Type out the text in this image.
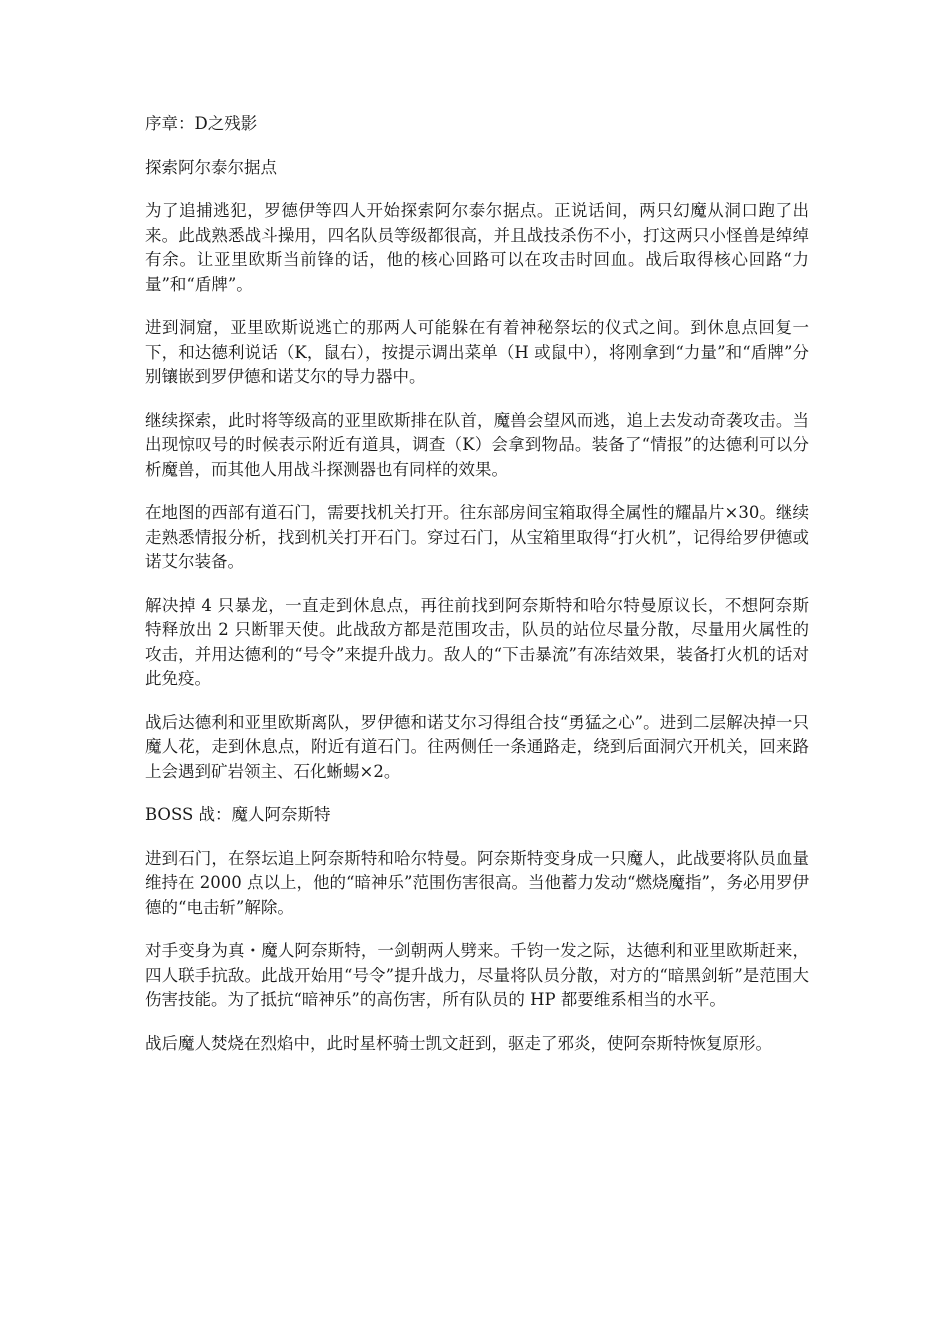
序章：D之残影

探索阿尔泰尔据点

为了追捕逃犯，罗德伊等四人开始探索阿尔泰尔据点。正说话间，两只幻魔从洞口跑了出来。此战熟悉战斗操用，四名队员等级都很高，并且战技杀伤不小，打这两只小怪兽是绰绰有余。让亚里欧斯当前锋的话，他的核心回路可以在攻击时回血。战后取得核心回路“力量”和“盾牌”。

进到洞窟，亚里欧斯说逃亡的那两人可能躲在有着神秘祭坛的仪式之间。到休息点回复一下，和达德利说话（K，鼠右），按提示调出菜单（H 或鼠中），将刚拿到“力量”和“盾牌”分别镶嵌到罗伊德和诺艾尔的导力器中。

继续探索，此时将等级高的亚里欧斯排在队首，魔兽会望风而逃，追上去发动奇袭攻击。当出现惊叹号的时候表示附近有道具，调查（K）会拿到物品。装备了“情报”的达德利可以分析魔兽，而其他人用战斗探测器也有同样的效果。

在地图的西部有道石门，需要找机关打开。往东部房间宝箱取得全属性的耀晶片×30。继续走熟悉情报分析，找到机关打开石门。穿过石门，从宝箱里取得“打火机”，记得给罗伊德或诺艾尔装备。

解决掉 4 只暴龙，一直走到休息点，再往前找到阿奈斯特和哈尔特曼原议长，不想阿奈斯特释放出 2 只断罪天使。此战敌方都是范围攻击，队员的站位尽量分散，尽量用火属性的攻击，并用达德利的“号令”来提升战力。敌人的“下击暴流”有冻结效果，装备打火机的话对此免疫。

战后达德利和亚里欧斯离队，罗伊德和诺艾尔习得组合技“勇猛之心”。进到二层解决掉一只魔人花，走到休息点，附近有道石门。往两侧任一条通路走，绕到后面洞穴开机关，回来路上会遇到矿岩领主、石化蜥蜴×2。

BOSS 战：魔人阿奈斯特

进到石门，在祭坛追上阿奈斯特和哈尔特曼。阿奈斯特变身成一只魔人，此战要将队员血量维持在 2000 点以上，他的“暗神乐”范围伤害很高。当他蓄力发动“燃烧魔指”，务必用罗伊德的“电击斩”解除。

对手变身为真・魔人阿奈斯特，一剑朝两人劈来。千钧一发之际，达德利和亚里欧斯赶来，四人联手抗敌。此战开始用“号令”提升战力，尽量将队员分散，对方的“暗黑剑斩”是范围大伤害技能。为了抵抗“暗神乐”的高伤害，所有队员的 HP 都要维系相当的水平。

战后魔人焚烧在烈焰中，此时星杯骑士凯文赶到，驱走了邪炎，使阿奈斯特恢复原形。
